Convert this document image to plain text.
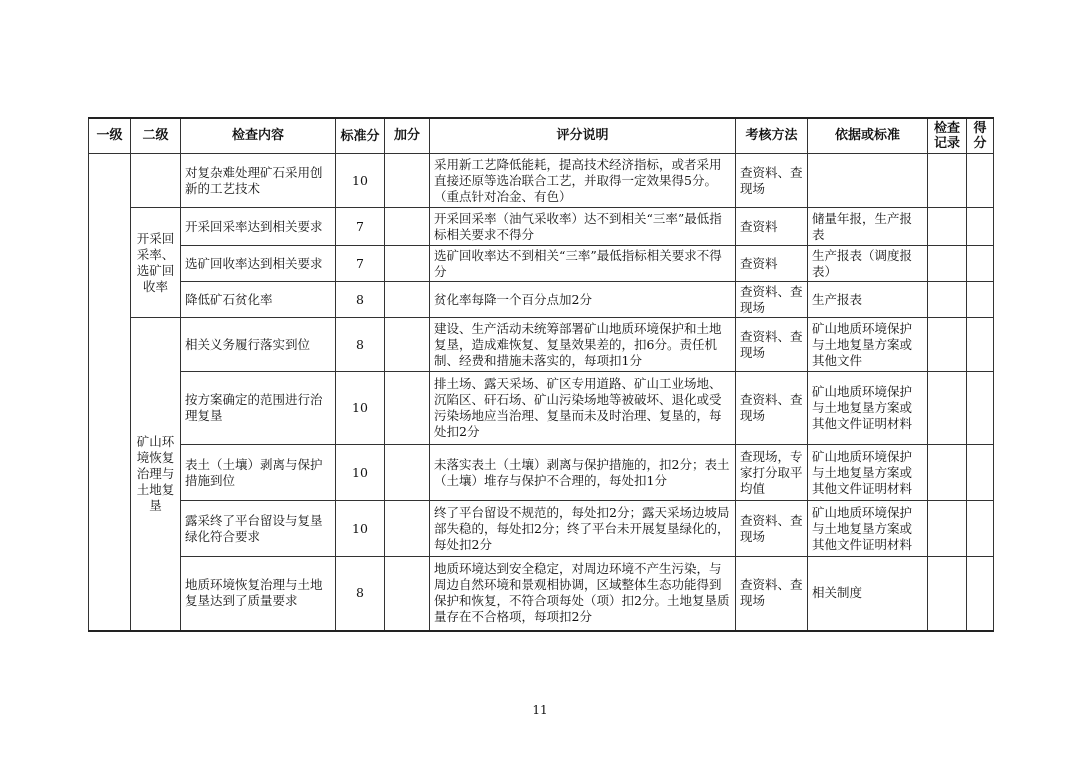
一级	二级	检查内容	标准分	加分	评分说明	考核方法	依据或标准	检查记录	得分
		对复杂难处理矿石采用创新的工艺技术	10		采用新工艺降低能耗，提高技术经济指标，或者采用直接还原等选冶联合工艺，并取得一定效果得5分。（重点针对冶金、有色）	查资料、查现场			
	开采回采率、选矿回收率	开采回采率达到相关要求	7		开采回采率（油气采收率）达不到相关“三率”最低指标相关要求不得分	查资料	储量年报，生产报表		
		选矿回收率达到相关要求	7		选矿回收率达不到相关“三率”最低指标相关要求不得分	查资料	生产报表（调度报表）		
		降低矿石贫化率	8		贫化率每降一个百分点加2分	查资料、查现场	生产报表		
	矿山环境恢复治理与土地复垦	相关义务履行落实到位	8		建设、生产活动未统筹部署矿山地质环境保护和土地复垦，造成难恢复、复垦效果差的，扣6分。责任机制、经费和措施未落实的，每项扣1分	查资料、查现场	矿山地质环境保护与土地复垦方案或其他文件		
		按方案确定的范围进行治理复垦	10		排土场、露天采场、矿区专用道路、矿山工业场地、沉陷区、矸石场、矿山污染场地等被破坏、退化或受污染场地应当治理、复垦而未及时治理、复垦的，每处扣2分	查资料、查现场	矿山地质环境保护与土地复垦方案或其他文件证明材料		
		表土（土壤）剥离与保护措施到位	10		未落实表土（土壤）剥离与保护措施的，扣2分；表土（土壤）堆存与保护不合理的，每处扣1分	查现场，专家打分取平均值	矿山地质环境保护与土地复垦方案或其他文件证明材料		
		露采终了平台留设与复垦绿化符合要求	10		终了平台留设不规范的，每处扣2分；露天采场边坡局部失稳的，每处扣2分；终了平台未开展复垦绿化的，每处扣2分	查资料、查现场	矿山地质环境保护与土地复垦方案或其他文件证明材料		
		地质环境恢复治理与土地复垦达到了质量要求	8		地质环境达到安全稳定，对周边环境不产生污染，与周边自然环境和景观相协调，区域整体生态功能得到保护和恢复，不符合项每处（项）扣2分。土地复垦质量存在不合格项，每项扣2分	查资料、查现场	相关制度		
11
